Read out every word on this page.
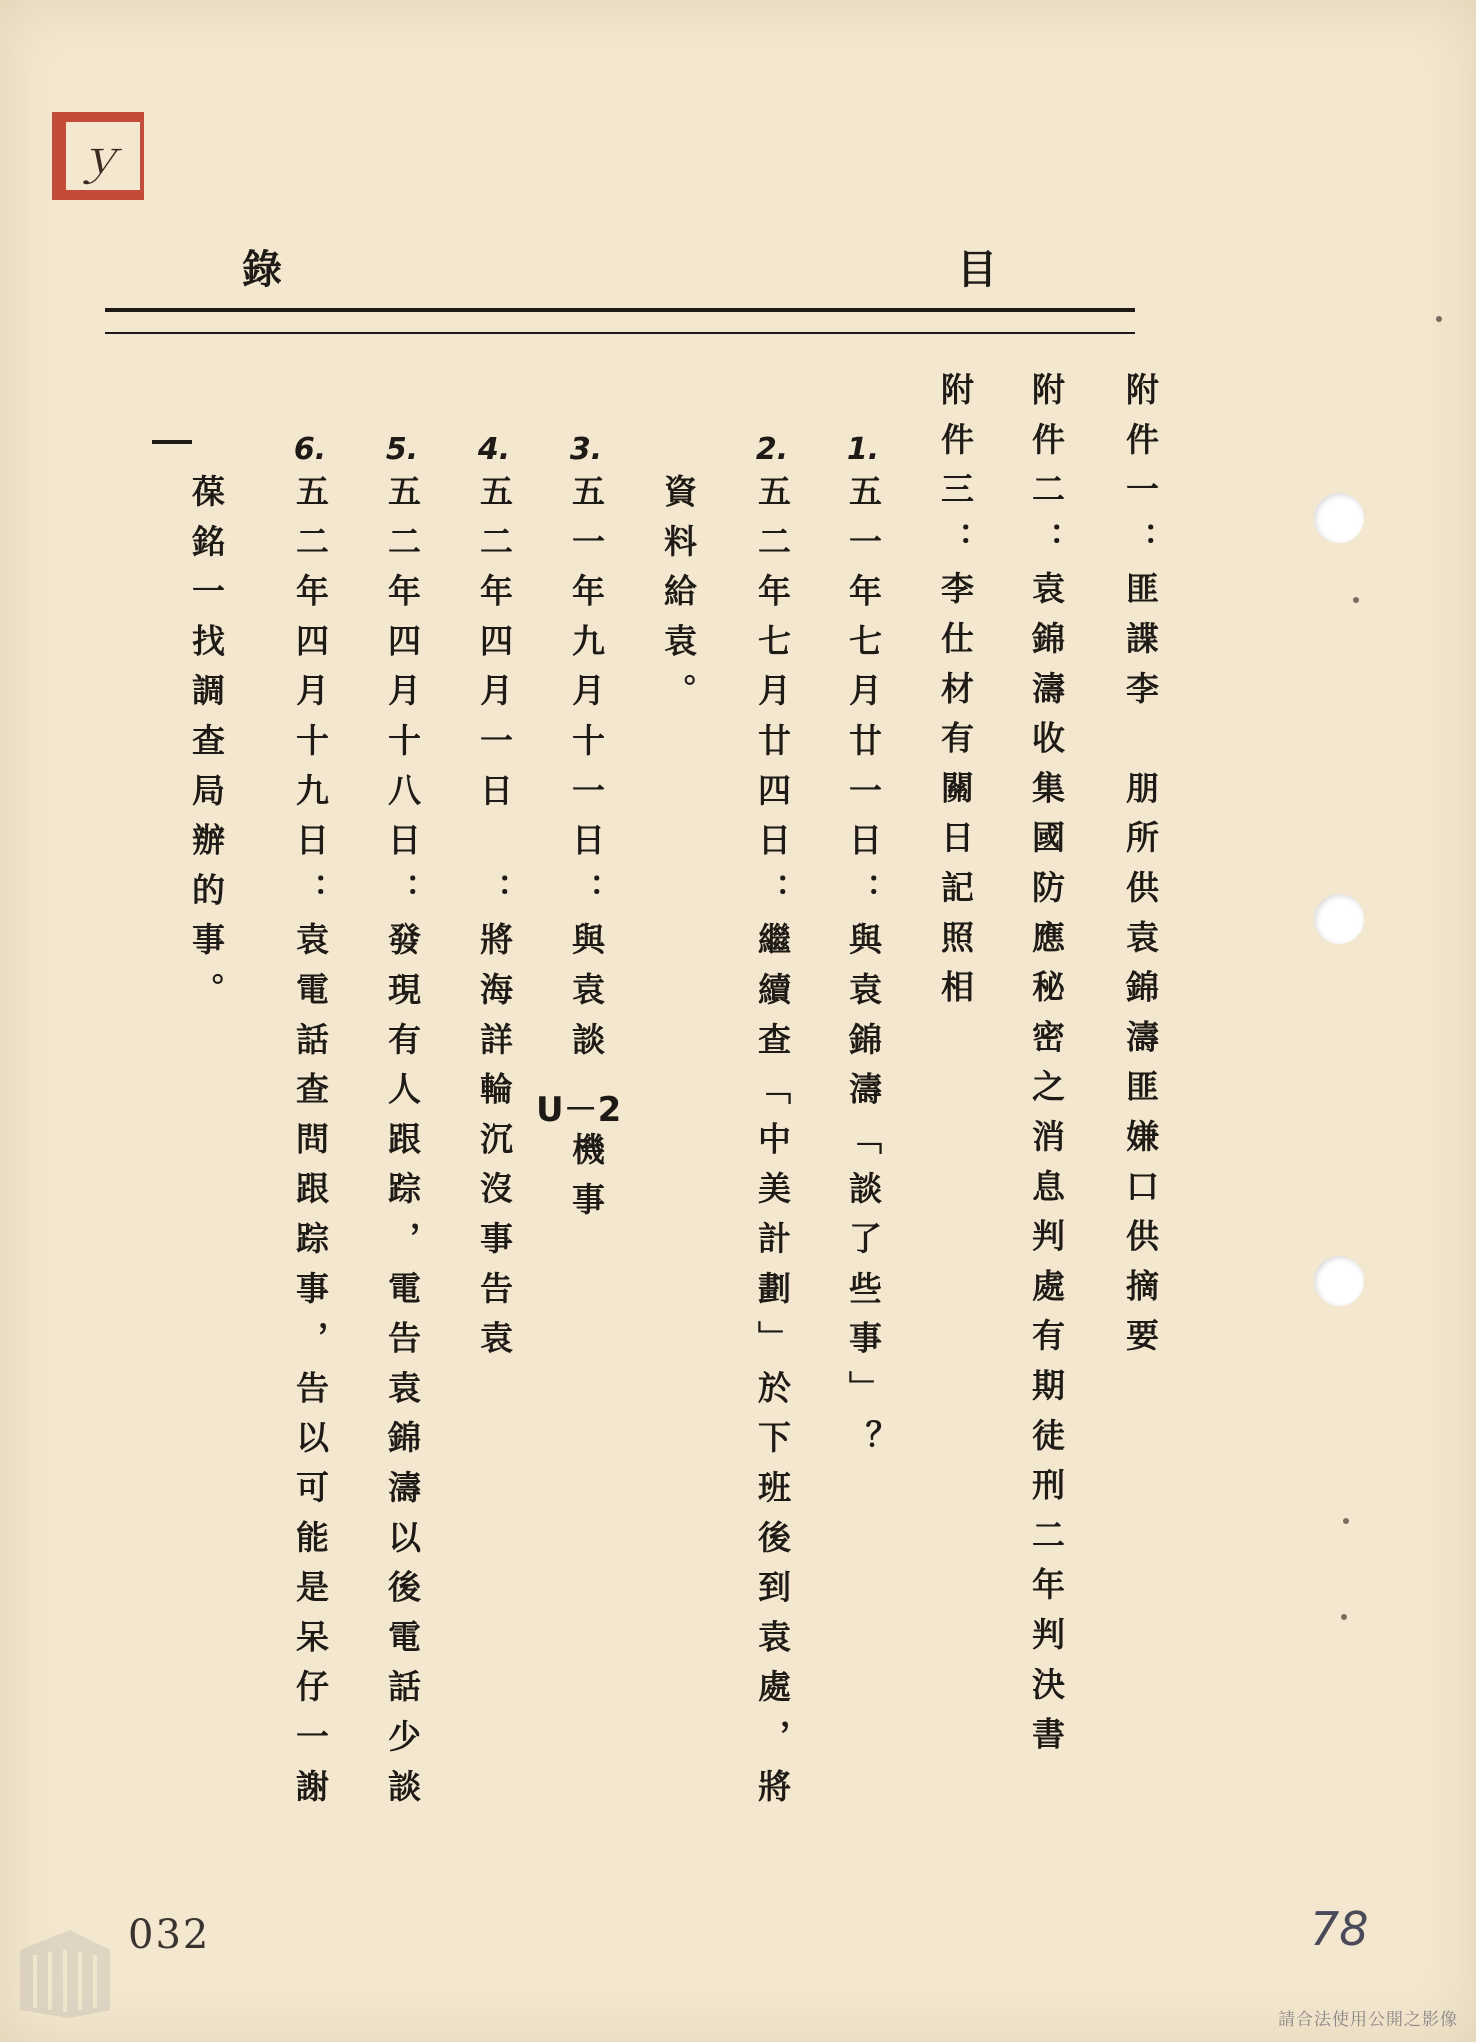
ｙ
錄	目
附件一：匪諜李　朋所供袁錦濤匪嫌口供摘要
附件二：袁錦濤收集國防應秘密之消息判處有期徒刑二年判決書
附件三：李仕材有關日記照相
1.
五一年七月廿一日：與袁錦濤「談了些事」？
2.
五二年七月廿四日：繼續查「中美計劃」於下班後到袁處，將
資料給袁。
3.
五一年九月十一日：與袁談
U－2
機事
4.
五二年四月一日　：將海詳輪沉沒事告袁
5.
五二年四月十八日：發現有人跟踪，電告袁錦濤以後電話少談
6.
五二年四月十九日：袁電話查問跟踪事，告以可能是呆仔一謝
葆銘一找調查局辦的事。
032	78
請合法使用公開之影像
